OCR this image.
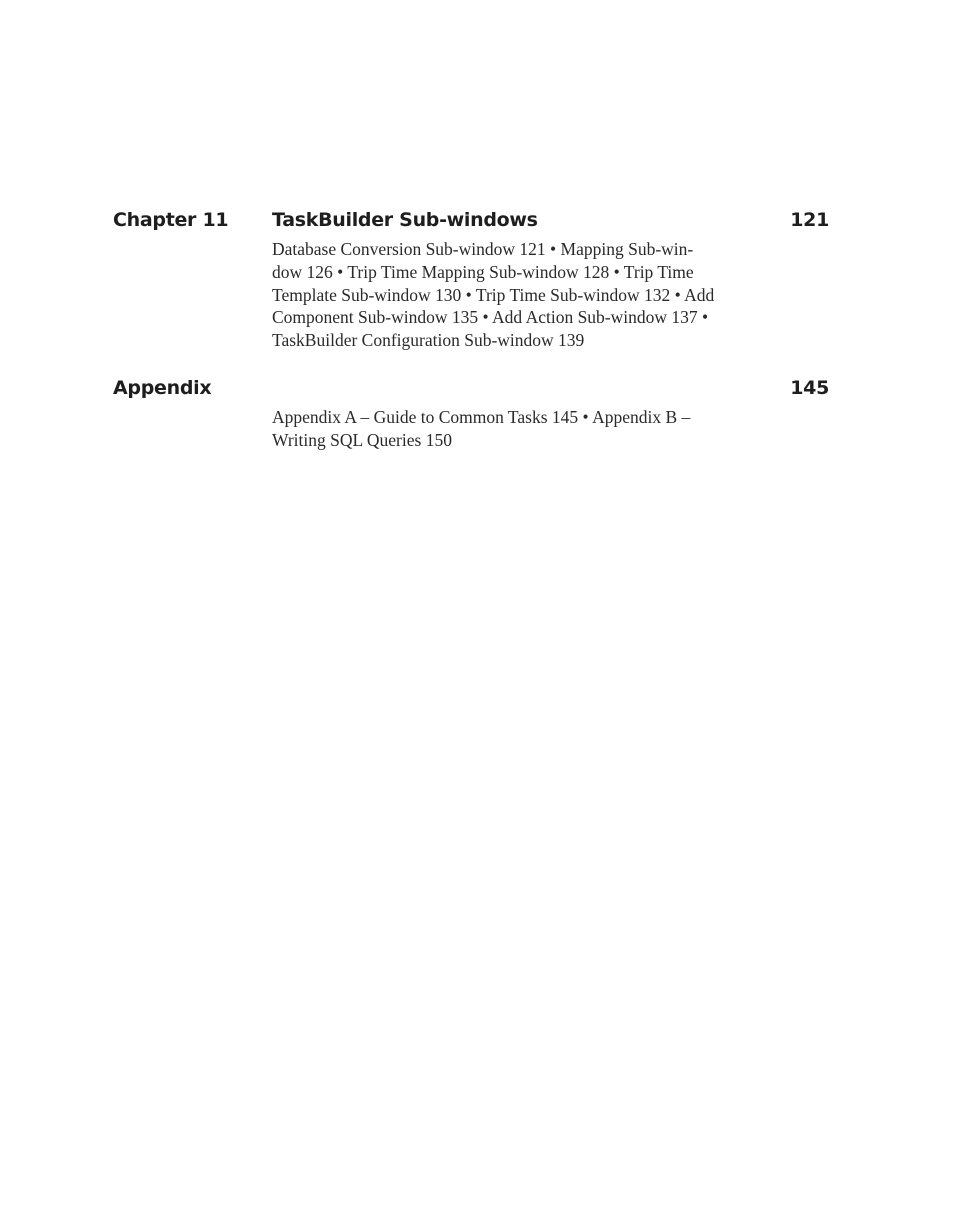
Chapter 11 TaskBuilder Sub-windows	121
Database Conversion Sub-window 121 • Mapping Sub-win-
dow 126 • Trip Time Mapping Sub-window 128 • Trip Time
Template Sub-window 130 • Trip Time Sub-window 132 • Add
Component Sub-window 135 • Add Action Sub-window 137 •
TaskBuilder Configuration Sub-window 139
Appendix	145
Appendix A – Guide to Common Tasks 145 • Appendix B –
Writing SQL Queries 150
